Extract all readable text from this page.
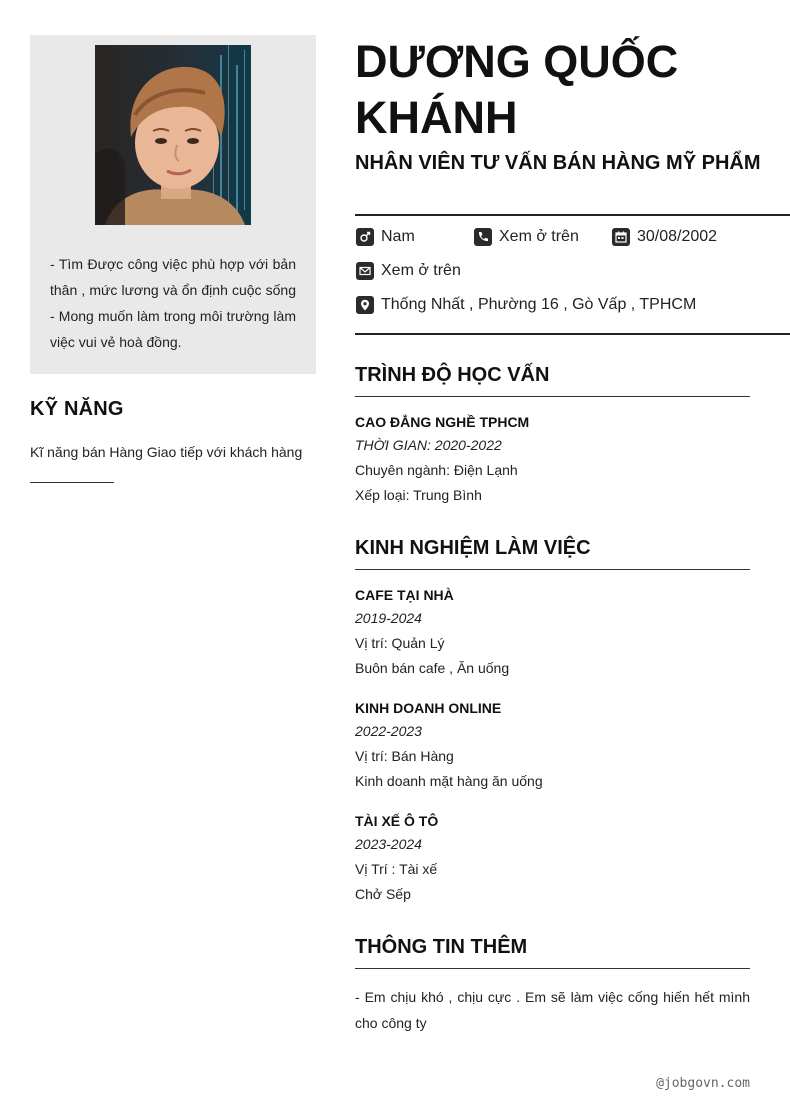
- Tìm Được công việc phù hợp với bản thân , mức lương và ổn định cuộc sống - Mong muốn làm trong môi trường làm việc vui vẻ hoà đồng.

KỸ NĂNG

Kĩ năng bán Hàng Giao tiếp với khách hàng

DƯƠNG QUỐC KHÁNH
NHÂN VIÊN TƯ VẤN BÁN HÀNG MỸ PHẨM
Nam	Xem ở trên	30/08/2002
Xem ở trên
Thống Nhất , Phường 16 , Gò Vấp , TPHCM
TRÌNH ĐỘ HỌC VẤN

CAO ĐẲNG NGHỀ TPHCM

THỜI GIAN: 2020-2022

Chuyên ngành: Điện Lạnh

Xếp loại: Trung Bình

KINH NGHIỆM LÀM VIỆC

CAFE TẠI NHÀ

2019-2024

Vị trí: Quản Lý

Buôn bán cafe , Ăn uống

KINH DOANH ONLINE

2022-2023

Vị trí: Bán Hàng

Kinh doanh mặt hàng ăn uống

TÀI XẾ Ô TÔ

2023-2024

Vị Trí : Tài xế

Chở Sếp

THÔNG TIN THÊM

- Em chịu khó , chịu cực . Em sẽ làm việc cống hiến hết mình cho công ty

@jobgovn.com
